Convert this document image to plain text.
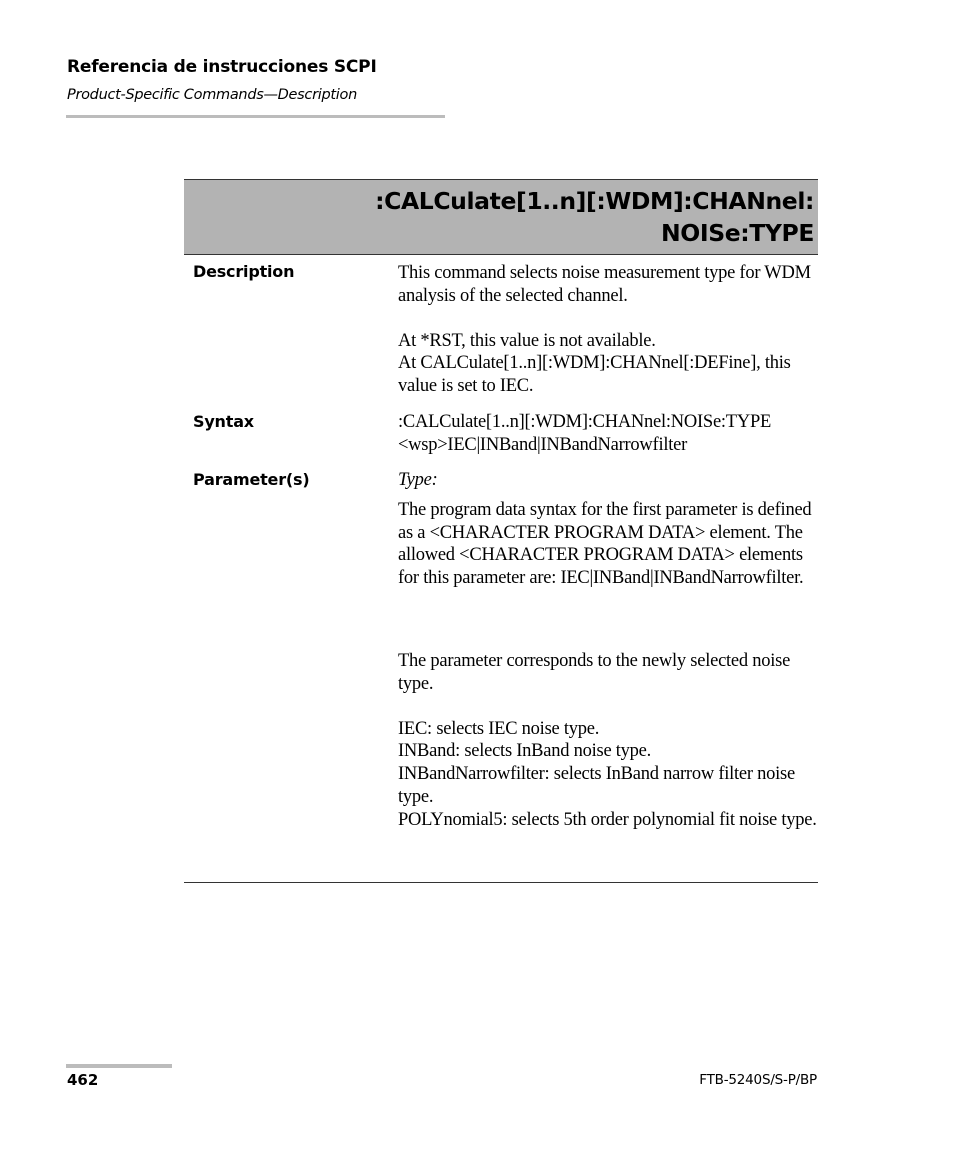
Referencia de instrucciones SCPI
Product-Specific Commands—Description
:CALCulate[1..n][:WDM]:CHANnel:
NOISe:TYPE
Description	This command selects noise measurement type for WDM analysis of the selected channel.

At *RST, this value is not available.

At CALCulate[1..n][:WDM]:CHANnel[:DEFine], this value is set to IEC.

Syntax	:CALCulate[1..n][:WDM]:CHANnel:NOISe:TYPE

<wsp>IEC|INBand|INBandNarrowfilter

Parameter(s)	Type:

The program data syntax for the first parameter is defined as a <CHARACTER PROGRAM DATA> element. The allowed <CHARACTER PROGRAM DATA> elements for this parameter are: IEC|INBand|INBandNarrowfilter.

The parameter corresponds to the newly selected noise type.

IEC: selects IEC noise type.

INBand: selects InBand noise type.

INBandNarrowfilter: selects InBand narrow filter noise type.

POLYnomial5: selects 5th order polynomial fit noise type.

462	FTB-5240S/S-P/BP
